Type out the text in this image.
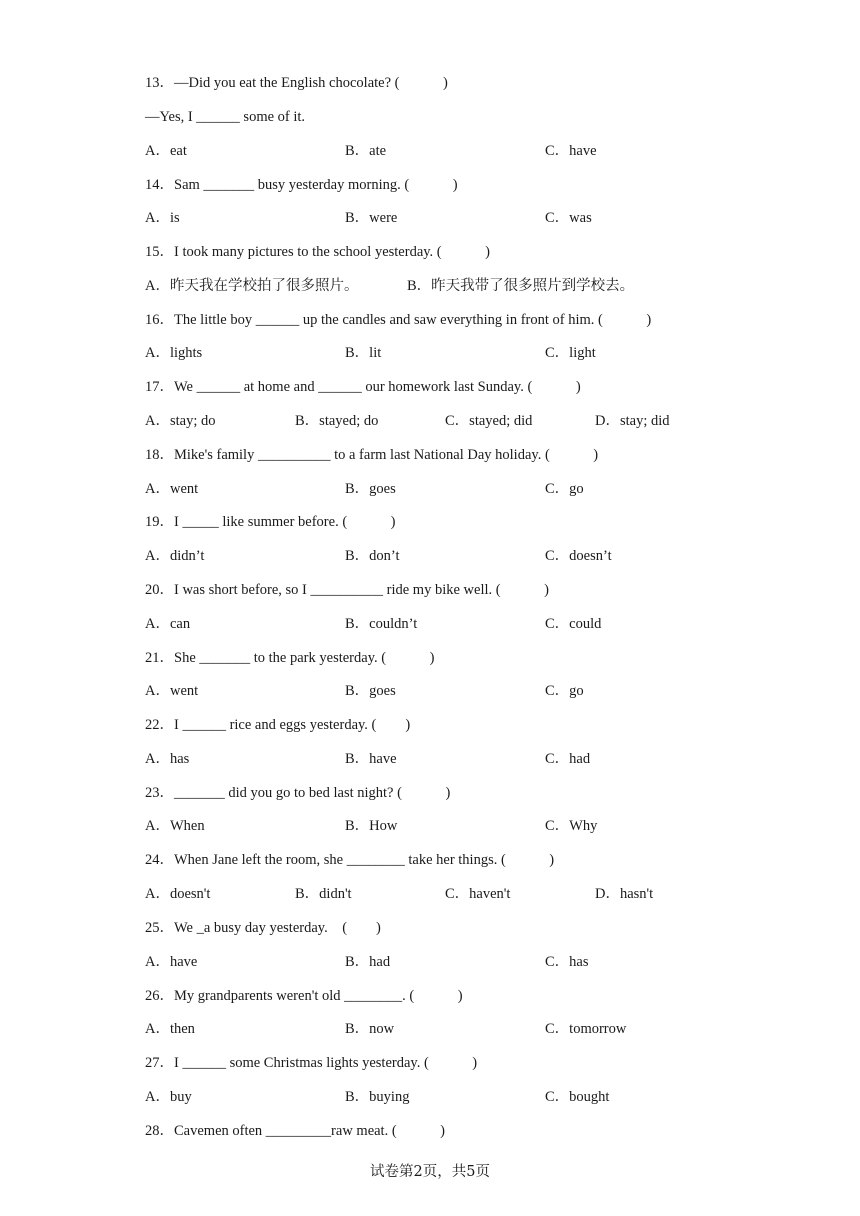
13．—Did you eat the English chocolate? (　　　)
—Yes, I ______ some of it.
A．eat	B．ate	C．have
14．Sam _______ busy yesterday morning. (　　　)
A．is	B．were	C．was
15．I took many pictures to the school yesterday. (　　　)
A．昨天我在学校拍了很多照片。	B．昨天我带了很多照片到学校去。
16．The little boy ______ up the candles and saw everything in front of him. (　　　)
A．lights	B．lit	C．light
17．We ______ at home and ______ our homework last Sunday. (　　　)
A．stay; do	B．stayed; do	C．stayed; did	D．stay; did
18．Mike's family __________ to a farm last National Day holiday. (　　　)
A．went	B．goes	C．go
19．I _____ like summer before. (　　　)
A．didn’t	B．don’t	C．doesn’t
20．I was short before, so I __________ ride my bike well. (　　　)
A．can	B．couldn’t	C．could
21．She _______ to the park yesterday. (　　　)
A．went	B．goes	C．go
22．I ______ rice and eggs yesterday. (　　)
A．has	B．have	C．had
23．_______ did you go to bed last night? (　　　)
A．When	B．How	C．Why
24．When Jane left the room, she ________ take her things. (　　　)
A．doesn't	B．didn't	C．haven't	D．hasn't
25．We _a busy day yesterday.　(　　)
A．have	B．had	C．has
26．My grandparents weren't old ________. (　　　)
A．then	B．now	C．tomorrow
27．I ______ some Christmas lights yesterday. (　　　)
A．buy	B．buying	C．bought
28．Cavemen often _________raw meat. (　　　)
试卷第2页，共5页
